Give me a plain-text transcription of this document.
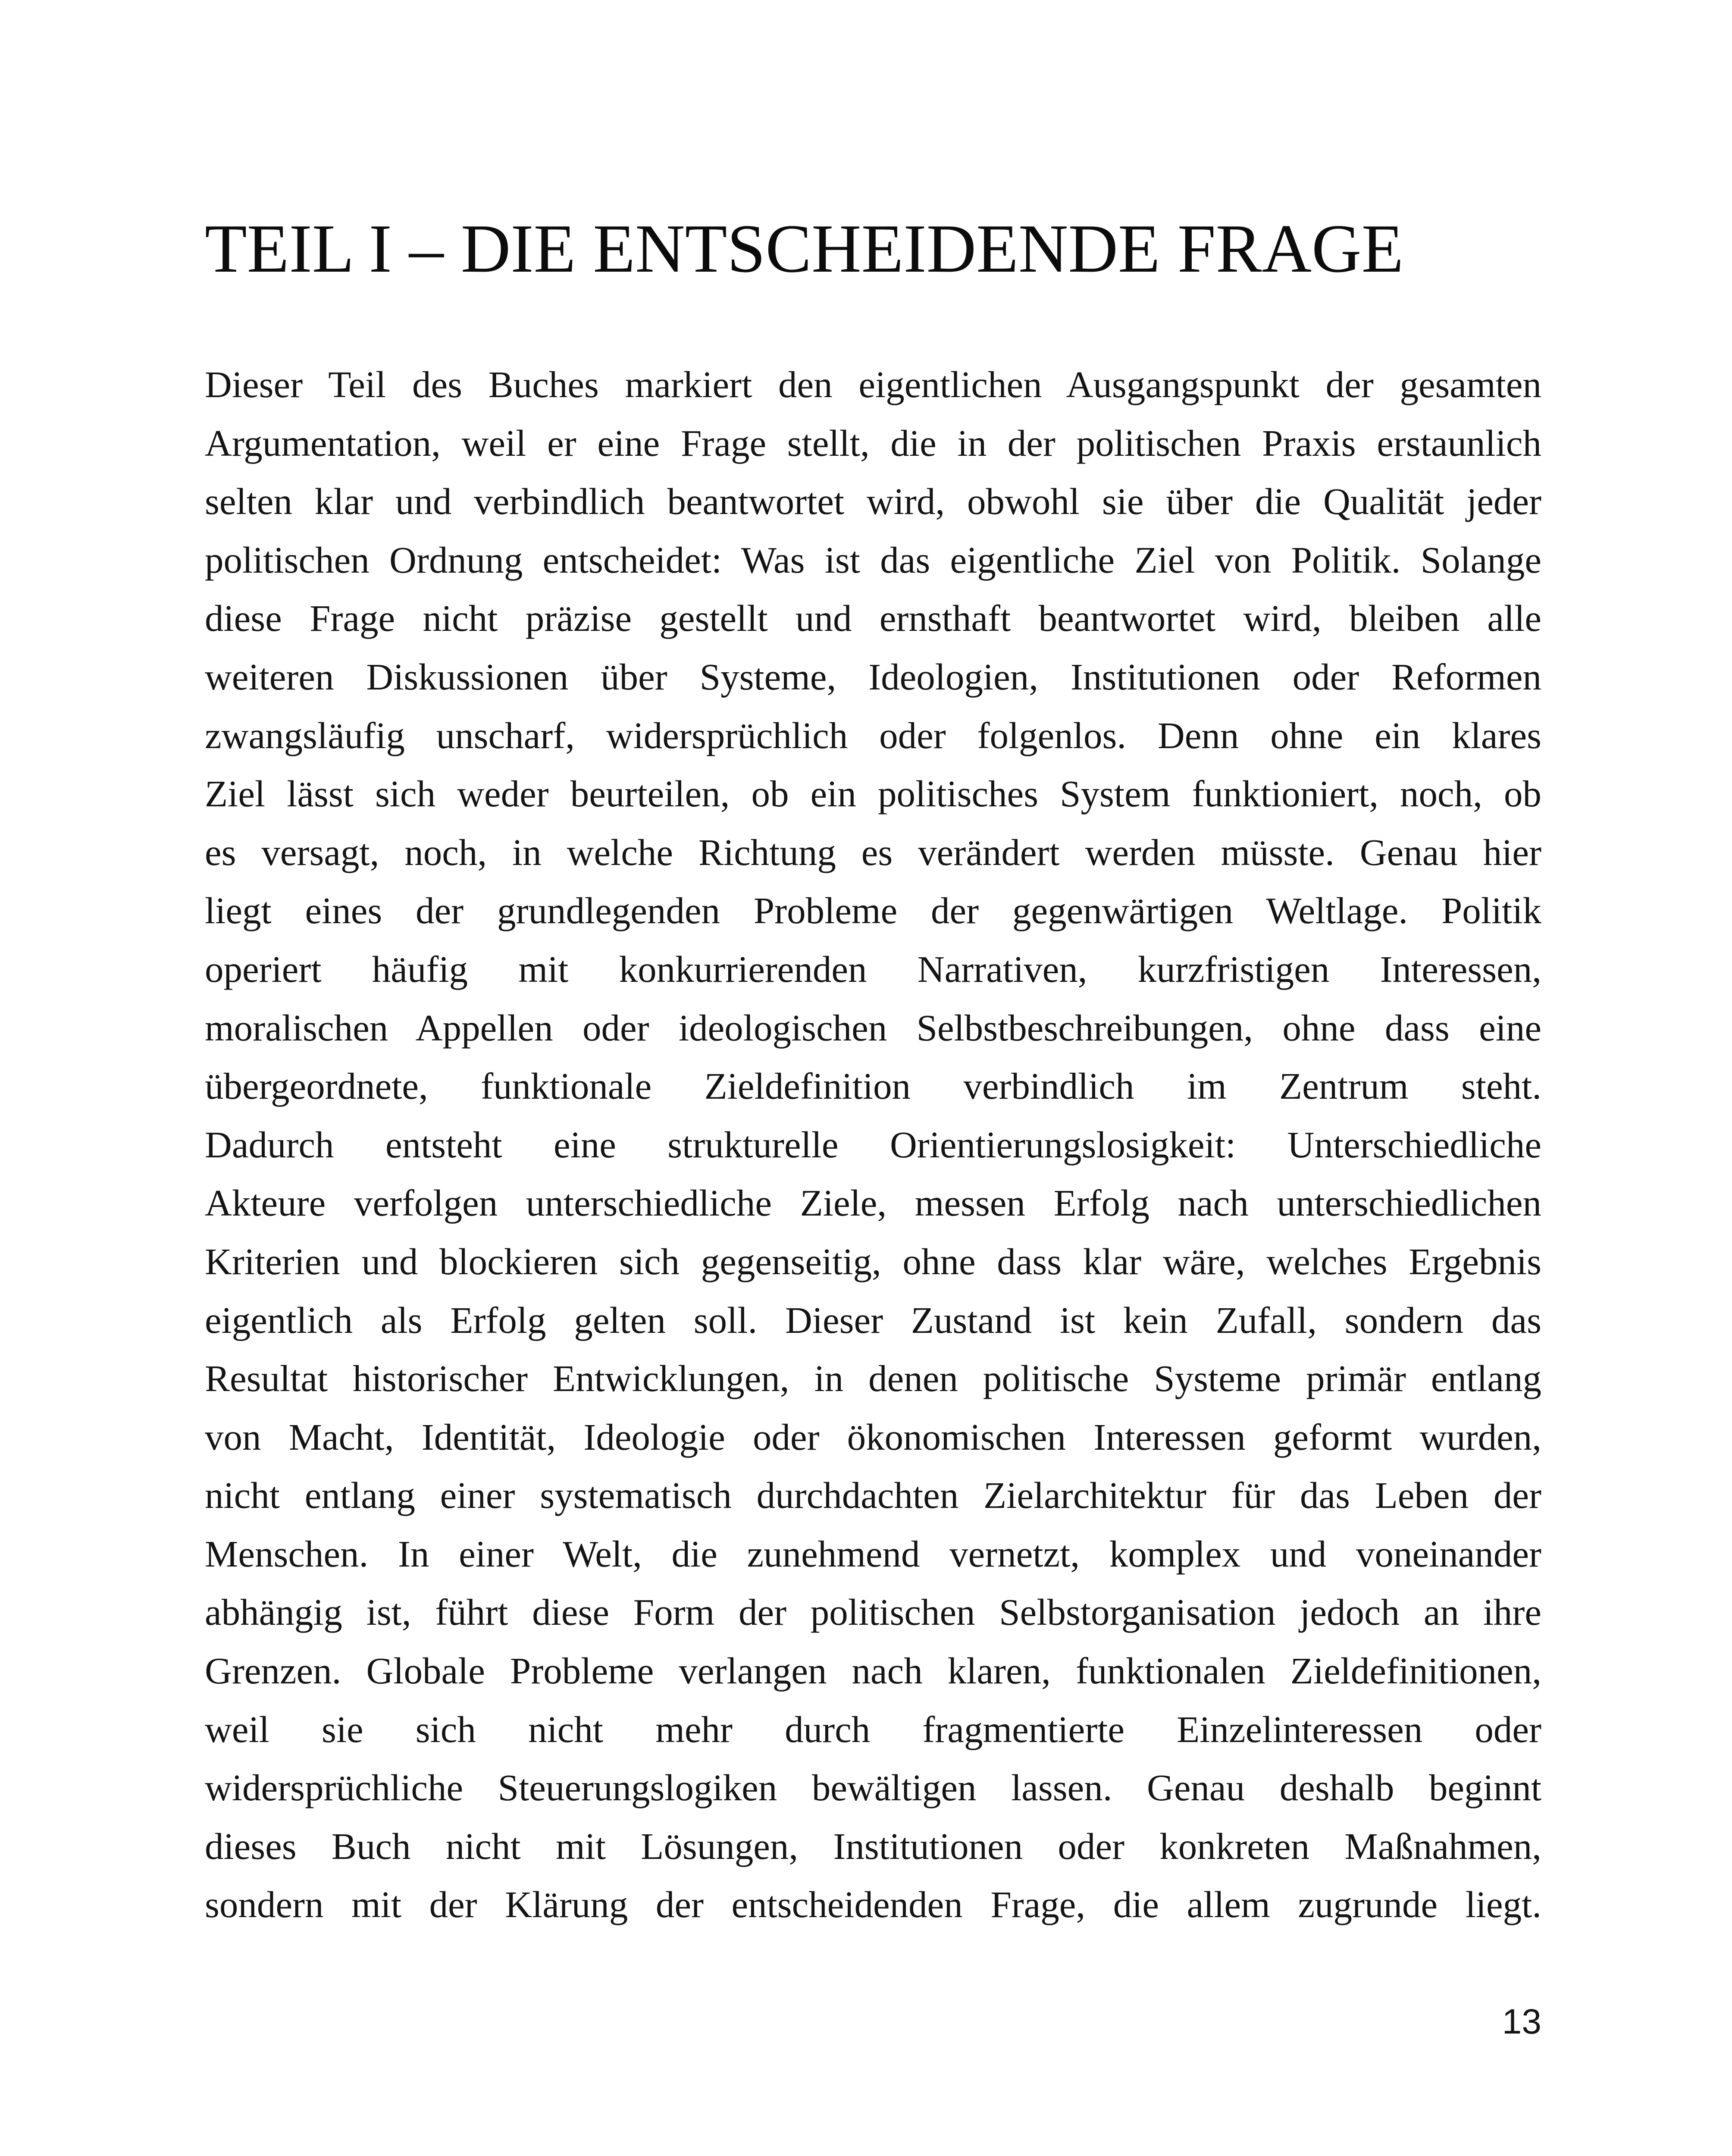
TEIL I – DIE ENTSCHEIDENDE FRAGE
Dieser Teil des Buches markiert den eigentlichen Ausgangspunkt der gesamten
Argumentation, weil er eine Frage stellt, die in der politischen Praxis erstaunlich
selten klar und verbindlich beantwortet wird, obwohl sie über die Qualität jeder
politischen Ordnung entscheidet: Was ist das eigentliche Ziel von Politik. Solange
diese Frage nicht präzise gestellt und ernsthaft beantwortet wird, bleiben alle
weiteren Diskussionen über Systeme, Ideologien, Institutionen oder Reformen
zwangsläufig unscharf, widersprüchlich oder folgenlos. Denn ohne ein klares
Ziel lässt sich weder beurteilen, ob ein politisches System funktioniert, noch, ob
es versagt, noch, in welche Richtung es verändert werden müsste. Genau hier
liegt eines der grundlegenden Probleme der gegenwärtigen Weltlage. Politik
operiert häufig mit konkurrierenden Narrativen, kurzfristigen Interessen,
moralischen Appellen oder ideologischen Selbstbeschreibungen, ohne dass eine
übergeordnete, funktionale Zieldefinition verbindlich im Zentrum steht.
Dadurch entsteht eine strukturelle Orientierungslosigkeit: Unterschiedliche
Akteure verfolgen unterschiedliche Ziele, messen Erfolg nach unterschiedlichen
Kriterien und blockieren sich gegenseitig, ohne dass klar wäre, welches Ergebnis
eigentlich als Erfolg gelten soll. Dieser Zustand ist kein Zufall, sondern das
Resultat historischer Entwicklungen, in denen politische Systeme primär entlang
von Macht, Identität, Ideologie oder ökonomischen Interessen geformt wurden,
nicht entlang einer systematisch durchdachten Zielarchitektur für das Leben der
Menschen. In einer Welt, die zunehmend vernetzt, komplex und voneinander
abhängig ist, führt diese Form der politischen Selbstorganisation jedoch an ihre
Grenzen. Globale Probleme verlangen nach klaren, funktionalen Zieldefinitionen,
weil sie sich nicht mehr durch fragmentierte Einzelinteressen oder
widersprüchliche Steuerungslogiken bewältigen lassen. Genau deshalb beginnt
dieses Buch nicht mit Lösungen, Institutionen oder konkreten Maßnahmen,
sondern mit der Klärung der entscheidenden Frage, die allem zugrunde liegt.
13
